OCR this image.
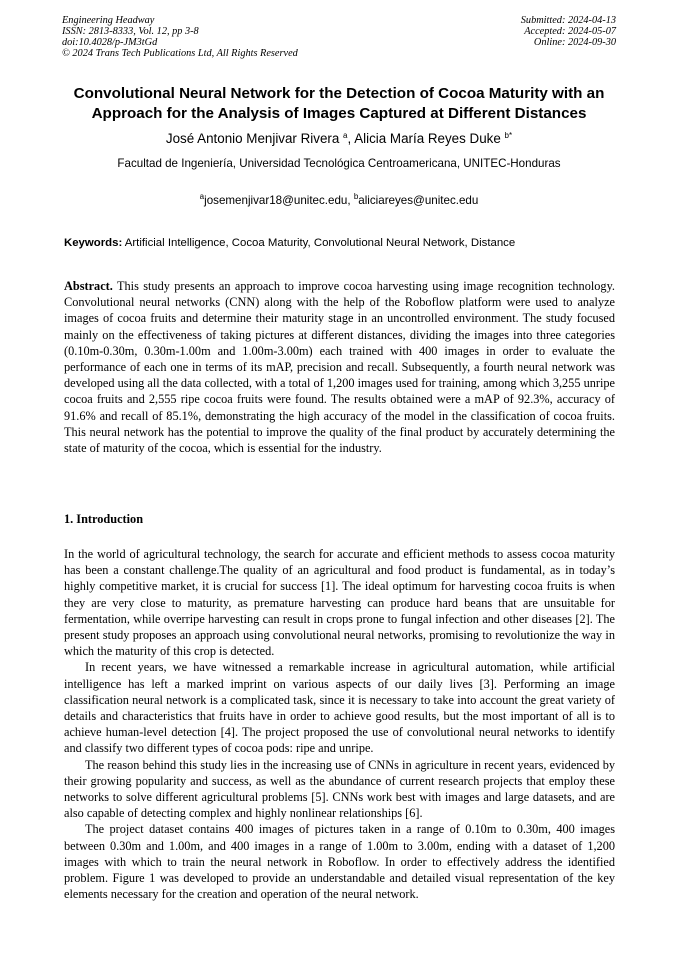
Engineering Headway
ISSN: 2813-8333, Vol. 12, pp 3-8
doi:10.4028/p-JM3tGd
© 2024 Trans Tech Publications Ltd, All Rights Reserved
Submitted: 2024-04-13
Accepted: 2024-05-07
Online: 2024-09-30
Convolutional Neural Network for the Detection of Cocoa Maturity with an Approach for the Analysis of Images Captured at Different Distances
José Antonio Menjivar Rivera $^a$, Alicia María Reyes Duke $^{b*}$
Facultad de Ingeniería, Universidad Tecnológica Centroamericana, UNITEC-Honduras
$^a$josemenjivar18@unitec.edu, $^b$aliciareyes@unitec.edu
Keywords: Artificial Intelligence, Cocoa Maturity, Convolutional Neural Network, Distance
Abstract. This study presents an approach to improve cocoa harvesting using image recognition technology. Convolutional neural networks (CNN) along with the help of the Roboflow platform were used to analyze images of cocoa fruits and determine their maturity stage in an uncontrolled environment. The study focused mainly on the effectiveness of taking pictures at different distances, dividing the images into three categories (0.10m-0.30m, 0.30m-1.00m and 1.00m-3.00m) each trained with 400 images in order to evaluate the performance of each one in terms of its mAP, precision and recall. Subsequently, a fourth neural network was developed using all the data collected, with a total of 1,200 images used for training, among which 3,255 unripe cocoa fruits and 2,555 ripe cocoa fruits were found. The results obtained were a mAP of 92.3%, accuracy of 91.6% and recall of 85.1%, demonstrating the high accuracy of the model in the classification of cocoa fruits. This neural network has the potential to improve the quality of the final product by accurately determining the state of maturity of the cocoa, which is essential for the industry.
1. Introduction

In the world of agricultural technology, the search for accurate and efficient methods to assess cocoa maturity has been a constant challenge.The quality of an agricultural and food product is fundamental, as in today’s highly competitive market, it is crucial for success [1]. The ideal optimum for harvesting cocoa fruits is when they are very close to maturity, as premature harvesting can produce hard beans that are unsuitable for fermentation, while overripe harvesting can result in crops prone to fungal infection and other diseases [2]. The present study proposes an approach using convolutional neural networks, promising to revolutionize the way in which the maturity of this crop is detected.

In recent years, we have witnessed a remarkable increase in agricultural automation, while artificial intelligence has left a marked imprint on various aspects of our daily lives [3]. Performing an image classification neural network is a complicated task, since it is necessary to take into account the great variety of details and characteristics that fruits have in order to achieve good results, but the most important of all is to achieve human-level detection [4]. The project proposed the use of convolutional neural networks to identify and classify two different types of cocoa pods: ripe and unripe.

The reason behind this study lies in the increasing use of CNNs in agriculture in recent years, evidenced by their growing popularity and success, as well as the abundance of current research projects that employ these networks to solve different agricultural problems [5]. CNNs work best with images and large datasets, and are also capable of detecting complex and highly nonlinear relationships [6].

The project dataset contains 400 images of pictures taken in a range of 0.10m to 0.30m, 400 images between 0.30m and 1.00m, and 400 images in a range of 1.00m to 3.00m, ending with a dataset of 1,200 images with which to train the neural network in Roboflow. In order to effectively address the identified problem. Figure 1 was developed to provide an understandable and detailed visual representation of the key elements necessary for the creation and operation of the neural network.
